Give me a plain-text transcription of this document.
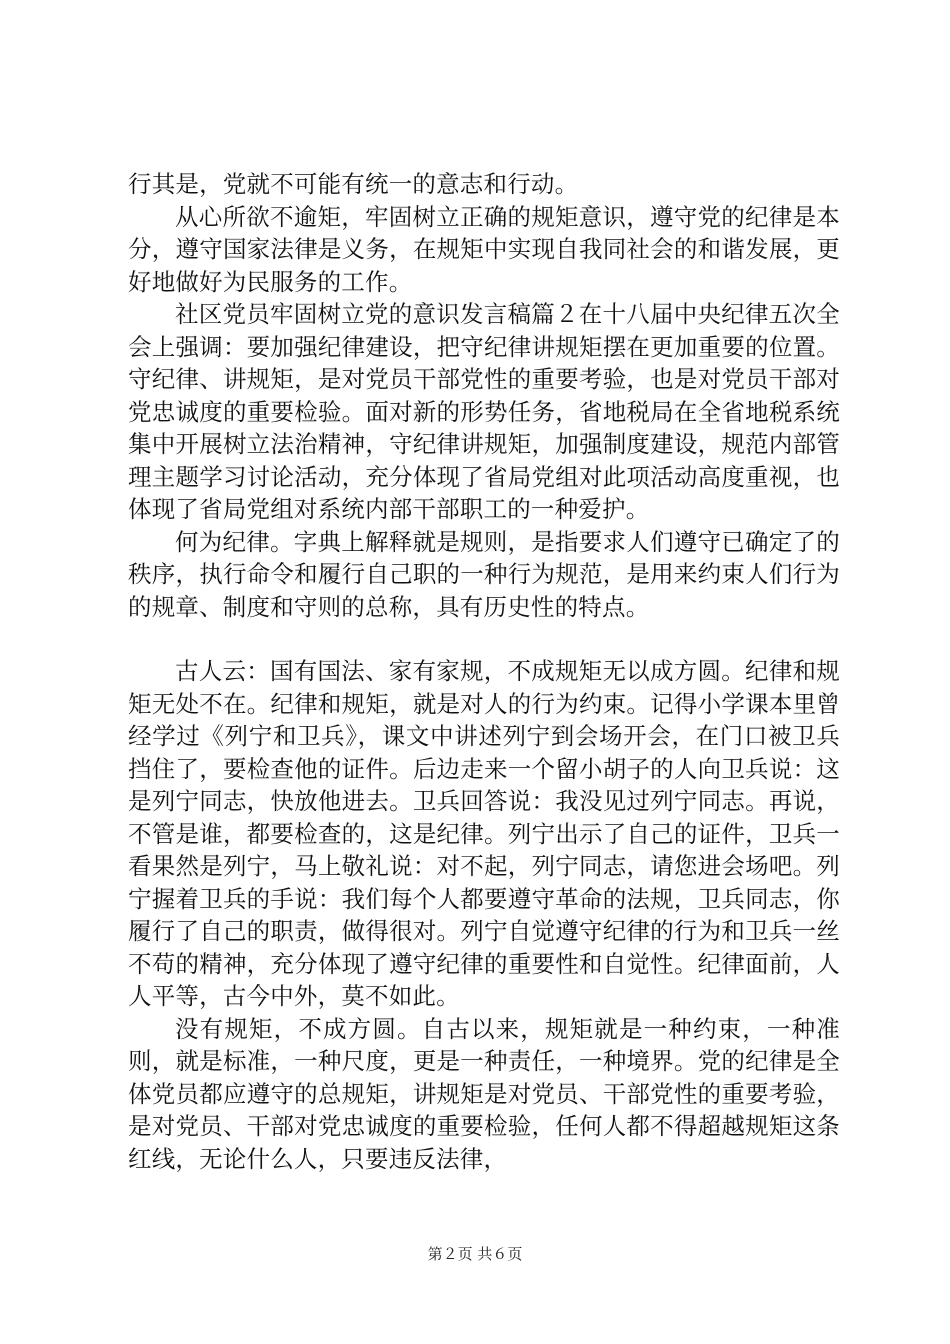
行其是，党就不可能有统一的意志和行动。

从心所欲不逾矩，牢固树立正确的规矩意识，遵守党的纪律是本分，遵守国家法律是义务，在规矩中实现自我同社会的和谐发展，更好地做好为民服务的工作。

社区党员牢固树立党的意识发言稿篇２在十八届中央纪律五次全会上强调：要加强纪律建设，把守纪律讲规矩摆在更加重要的位置。守纪律、讲规矩，是对党员干部党性的重要考验，也是对党员干部对党忠诚度的重要检验。面对新的形势任务，省地税局在全省地税系统集中开展树立法治精神，守纪律讲规矩，加强制度建设，规范内部管理主题学习讨论活动，充分体现了省局党组对此项活动高度重视，也体现了省局党组对系统内部干部职工的一种爱护。

何为纪律。字典上解释就是规则，是指要求人们遵守已确定了的秩序，执行命令和履行自己职的一种行为规范，是用来约束人们行为的规章、制度和守则的总称，具有历史性的特点。

古人云：国有国法、家有家规，不成规矩无以成方圆。纪律和规矩无处不在。纪律和规矩，就是对人的行为约束。记得小学课本里曾经学过《列宁和卫兵》，课文中讲述列宁到会场开会，在门口被卫兵挡住了，要检查他的证件。后边走来一个留小胡子的人向卫兵说：这是列宁同志，快放他进去。卫兵回答说：我没见过列宁同志。再说，不管是谁，都要检查的，这是纪律。列宁出示了自己的证件，卫兵一看果然是列宁，马上敬礼说：对不起，列宁同志，请您进会场吧。列宁握着卫兵的手说：我们每个人都要遵守革命的法规，卫兵同志，你履行了自己的职责，做得很对。列宁自觉遵守纪律的行为和卫兵一丝不苟的精神，充分体现了遵守纪律的重要性和自觉性。纪律面前，人人平等，古今中外，莫不如此。

没有规矩，不成方圆。自古以来，规矩就是一种约束，一种准则，就是标准，一种尺度，更是一种责任，一种境界。党的纪律是全体党员都应遵守的总规矩，讲规矩是对党员、干部党性的重要考验，是对党员、干部对党忠诚度的重要检验，任何人都不得超越规矩这条红线，无论什么人，只要违反法律，

第２页 共６页
